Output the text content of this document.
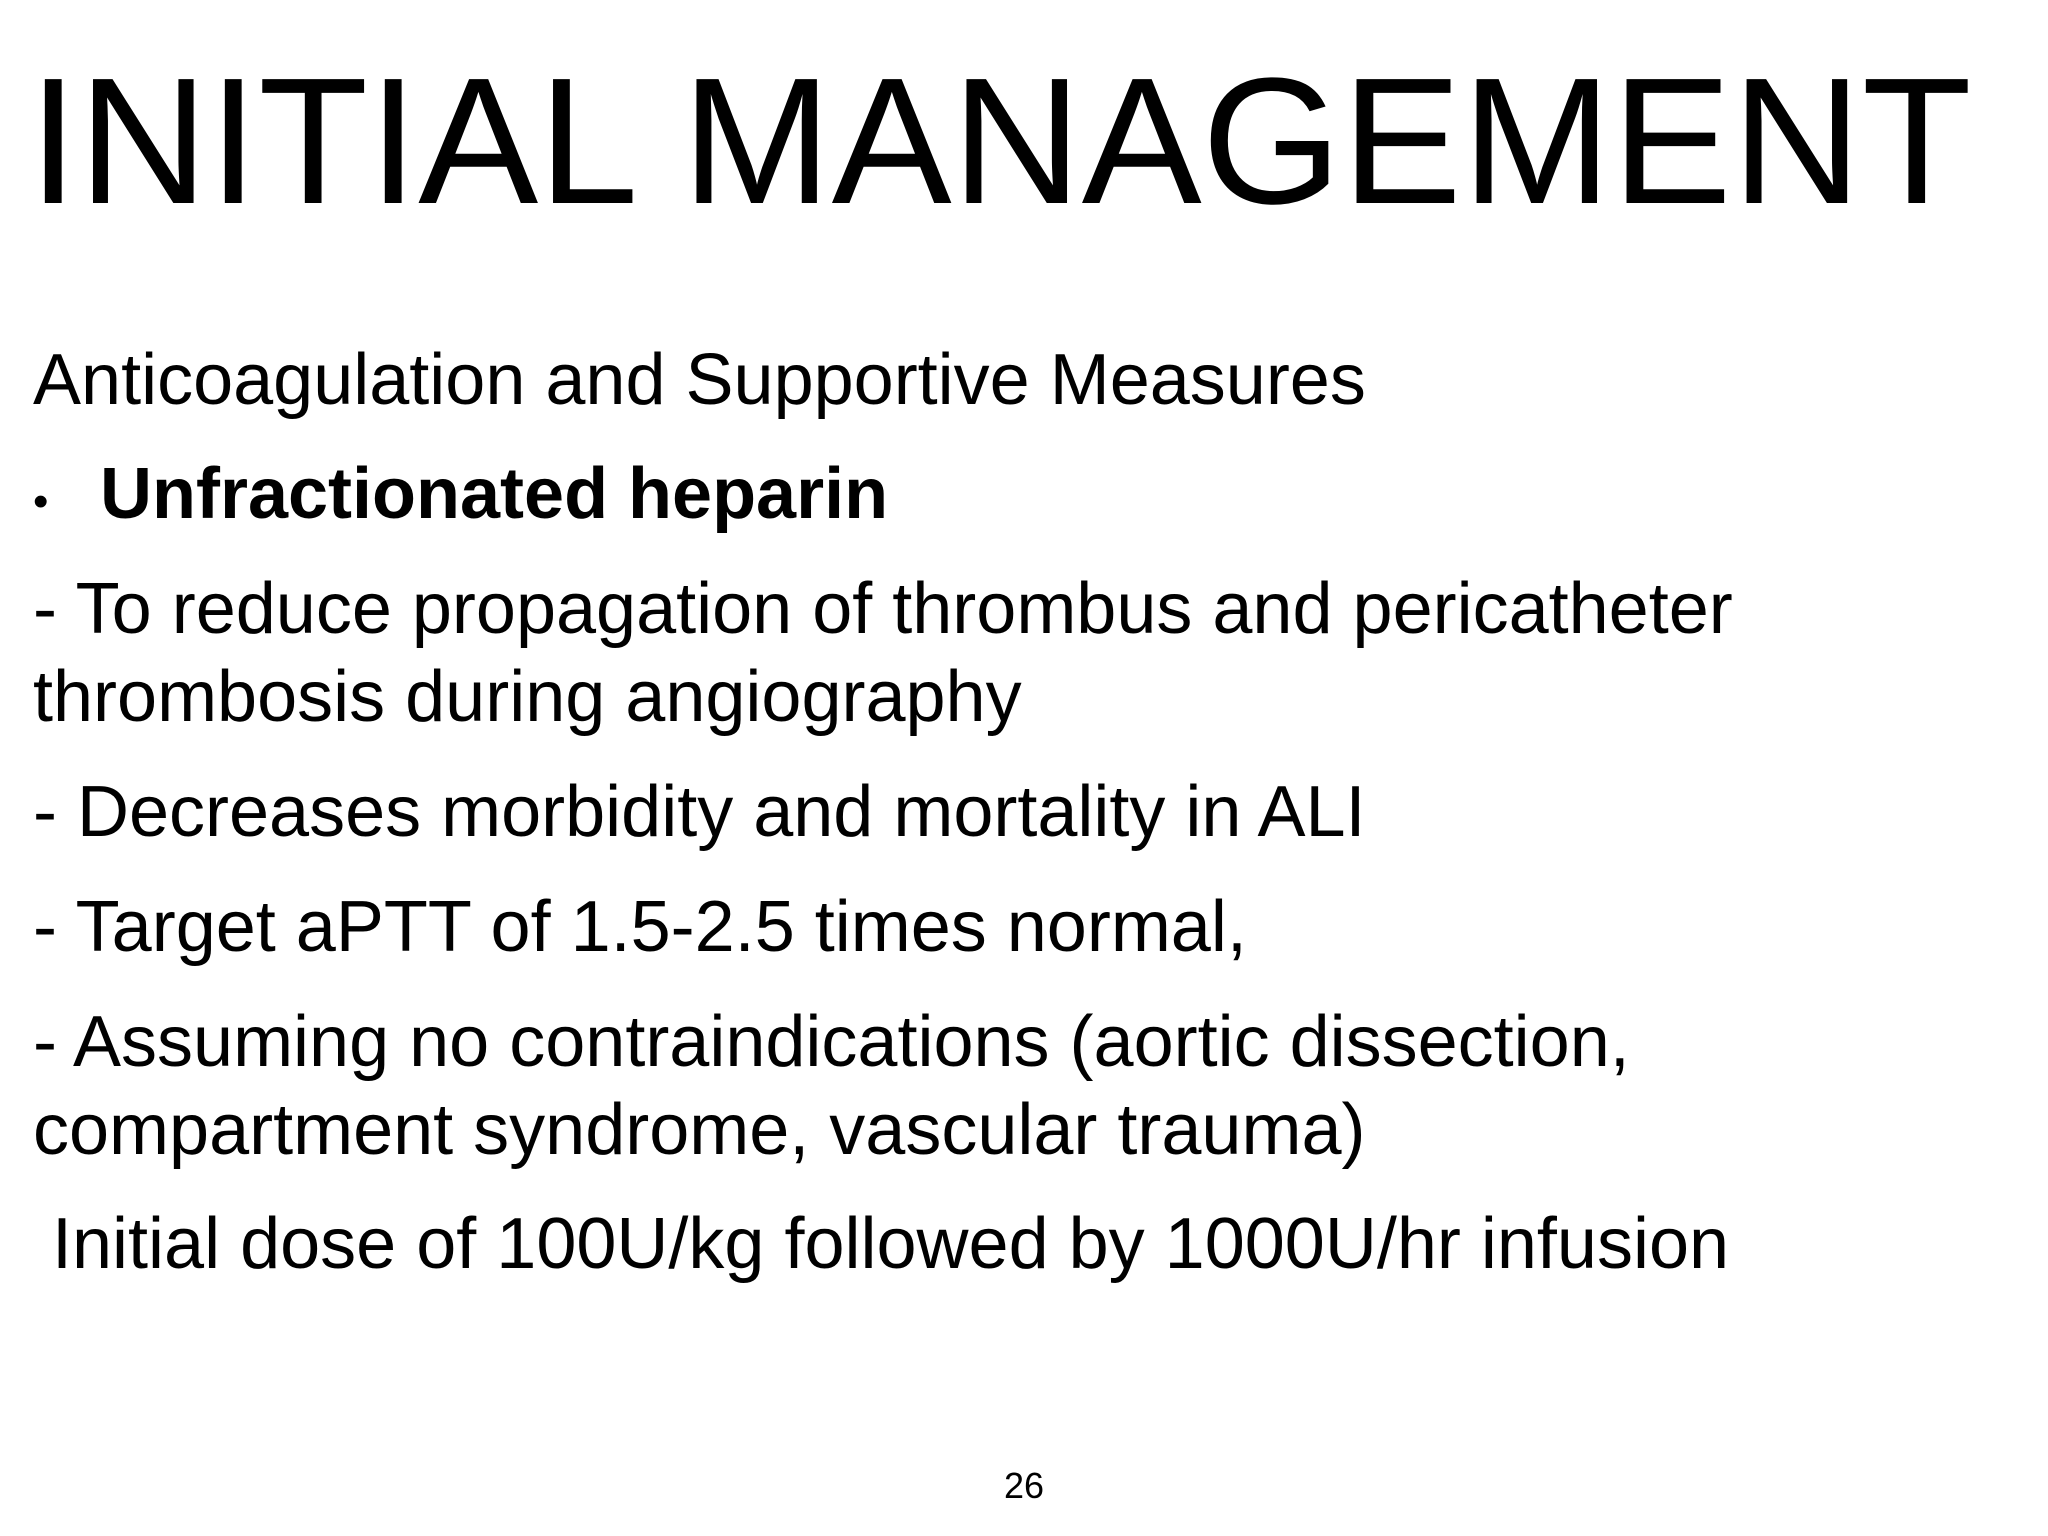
INITIAL MANAGEMENT
Anticoagulation and Supportive Measures
• Unfractionated heparin
- To reduce propagation of thrombus and pericatheter
thrombosis during angiography
- Decreases morbidity and mortality in ALI
- Target aPTT of 1.5-2.5 times normal,
- Assuming no contraindications (aortic dissection,
compartment syndrome, vascular trauma)
Initial dose of 100U/kg followed by 1000U/hr infusion
26
